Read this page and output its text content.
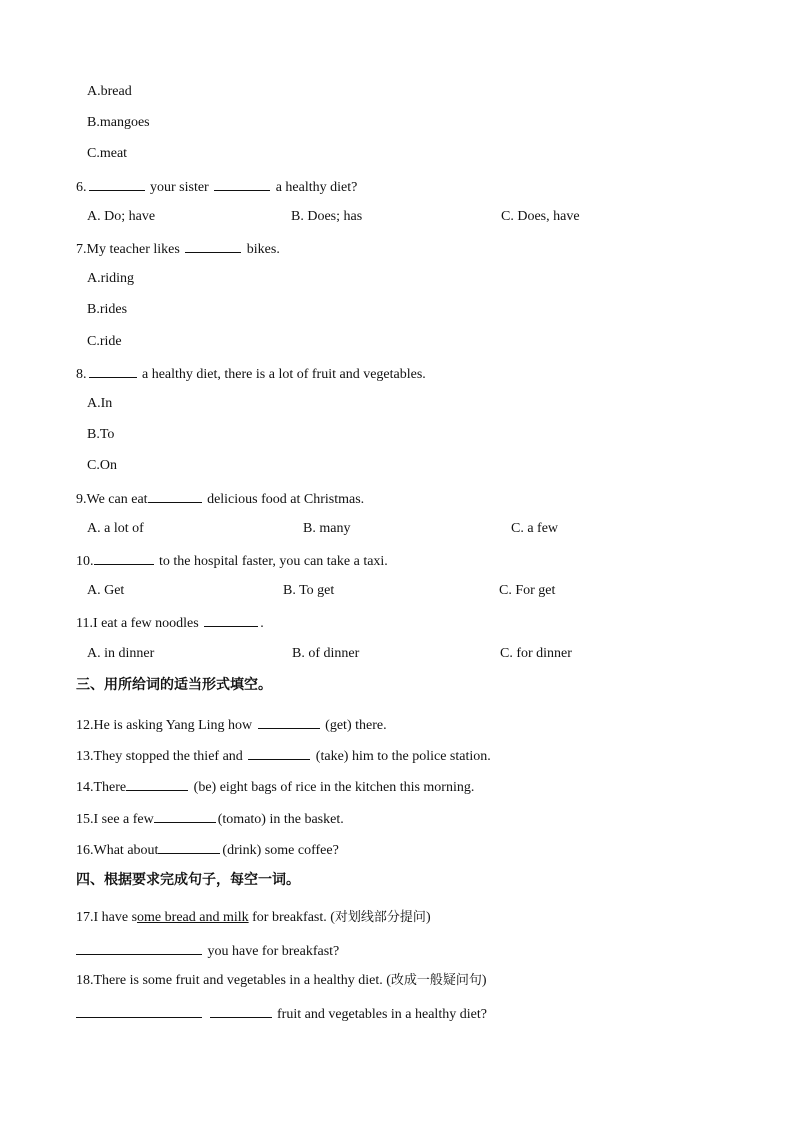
A.bread
B.mangoes
C.meat
6.	your sister	a healthy diet?
A. Do; have	B. Does; has	C. Does, have
7.My teacher likes	bikes.
A.riding
B.rides
C.ride
8.	a healthy diet, there is a lot of fruit and vegetables.
A.In
B.To
C.On
9.We can eat	delicious food at Christmas.
A. a lot of	B. many	C. a few
10.	to the hospital faster, you can take a taxi.
A. Get	B. To get	C. For get
11.I eat a few noodles	.
A. in dinner	B. of dinner	C. for dinner
三、用所给词的适当形式填空。
12.He is asking Yang Ling how	(get) there.
13.They stopped the thief and	(take) him to the police station.
14.There	(be) eight bags of rice in the kitchen this morning.
15.I see a few	(tomato) in the basket.
16.What about	(drink) some coffee?
四、根据要求完成句子，每空一词。
17.I have some bread and milk for breakfast. (对划线部分提问)
you have for breakfast?
18.There is some fruit and vegetables in a healthy diet. (改成一般疑问句)
fruit and vegetables in a healthy diet?
